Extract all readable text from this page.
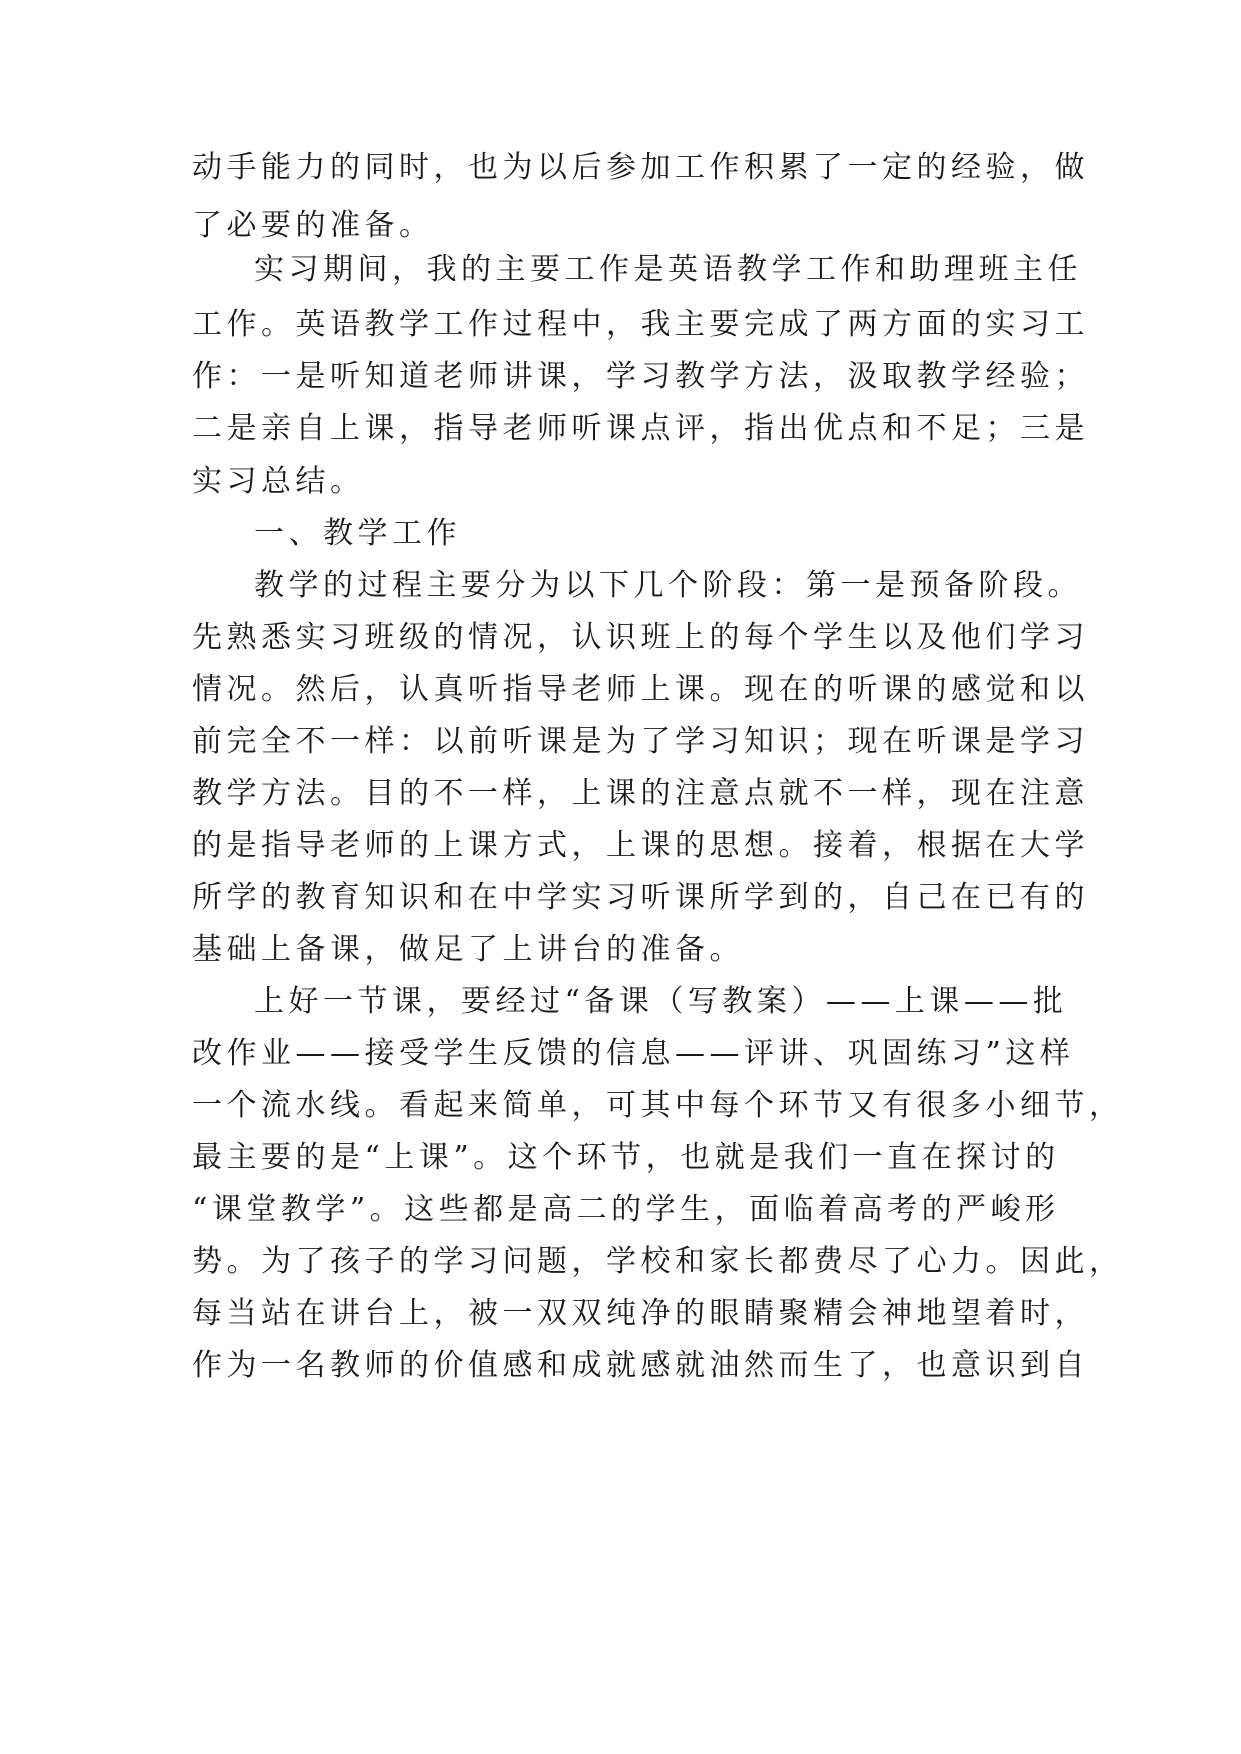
动手能力的同时，也为以后参加工作积累了一定的经验，做
了必要的准备。
实习期间，我的主要工作是英语教学工作和助理班主任
工作。英语教学工作过程中，我主要完成了两方面的实习工
作：一是听知道老师讲课，学习教学方法，汲取教学经验；
二是亲自上课，指导老师听课点评，指出优点和不足；三是
实习总结。
一、教学工作
教学的过程主要分为以下几个阶段：第一是预备阶段。
先熟悉实习班级的情况，认识班上的每个学生以及他们学习
情况。然后，认真听指导老师上课。现在的听课的感觉和以
前完全不一样：以前听课是为了学习知识；现在听课是学习
教学方法。目的不一样，上课的注意点就不一样，现在注意
的是指导老师的上课方式，上课的思想。接着，根据在大学
所学的教育知识和在中学实习听课所学到的，自己在已有的
基础上备课，做足了上讲台的准备。
上好一节课，要经过“备课（写教案）——上课——批
改作业——接受学生反馈的信息——评讲、巩固练习”这样
一个流水线。看起来简单，可其中每个环节又有很多小细节，
最主要的是“上课”。这个环节，也就是我们一直在探讨的
“课堂教学”。这些都是高二的学生，面临着高考的严峻形
势。为了孩子的学习问题，学校和家长都费尽了心力。因此，
每当站在讲台上，被一双双纯净的眼睛聚精会神地望着时，
作为一名教师的价值感和成就感就油然而生了，也意识到自
